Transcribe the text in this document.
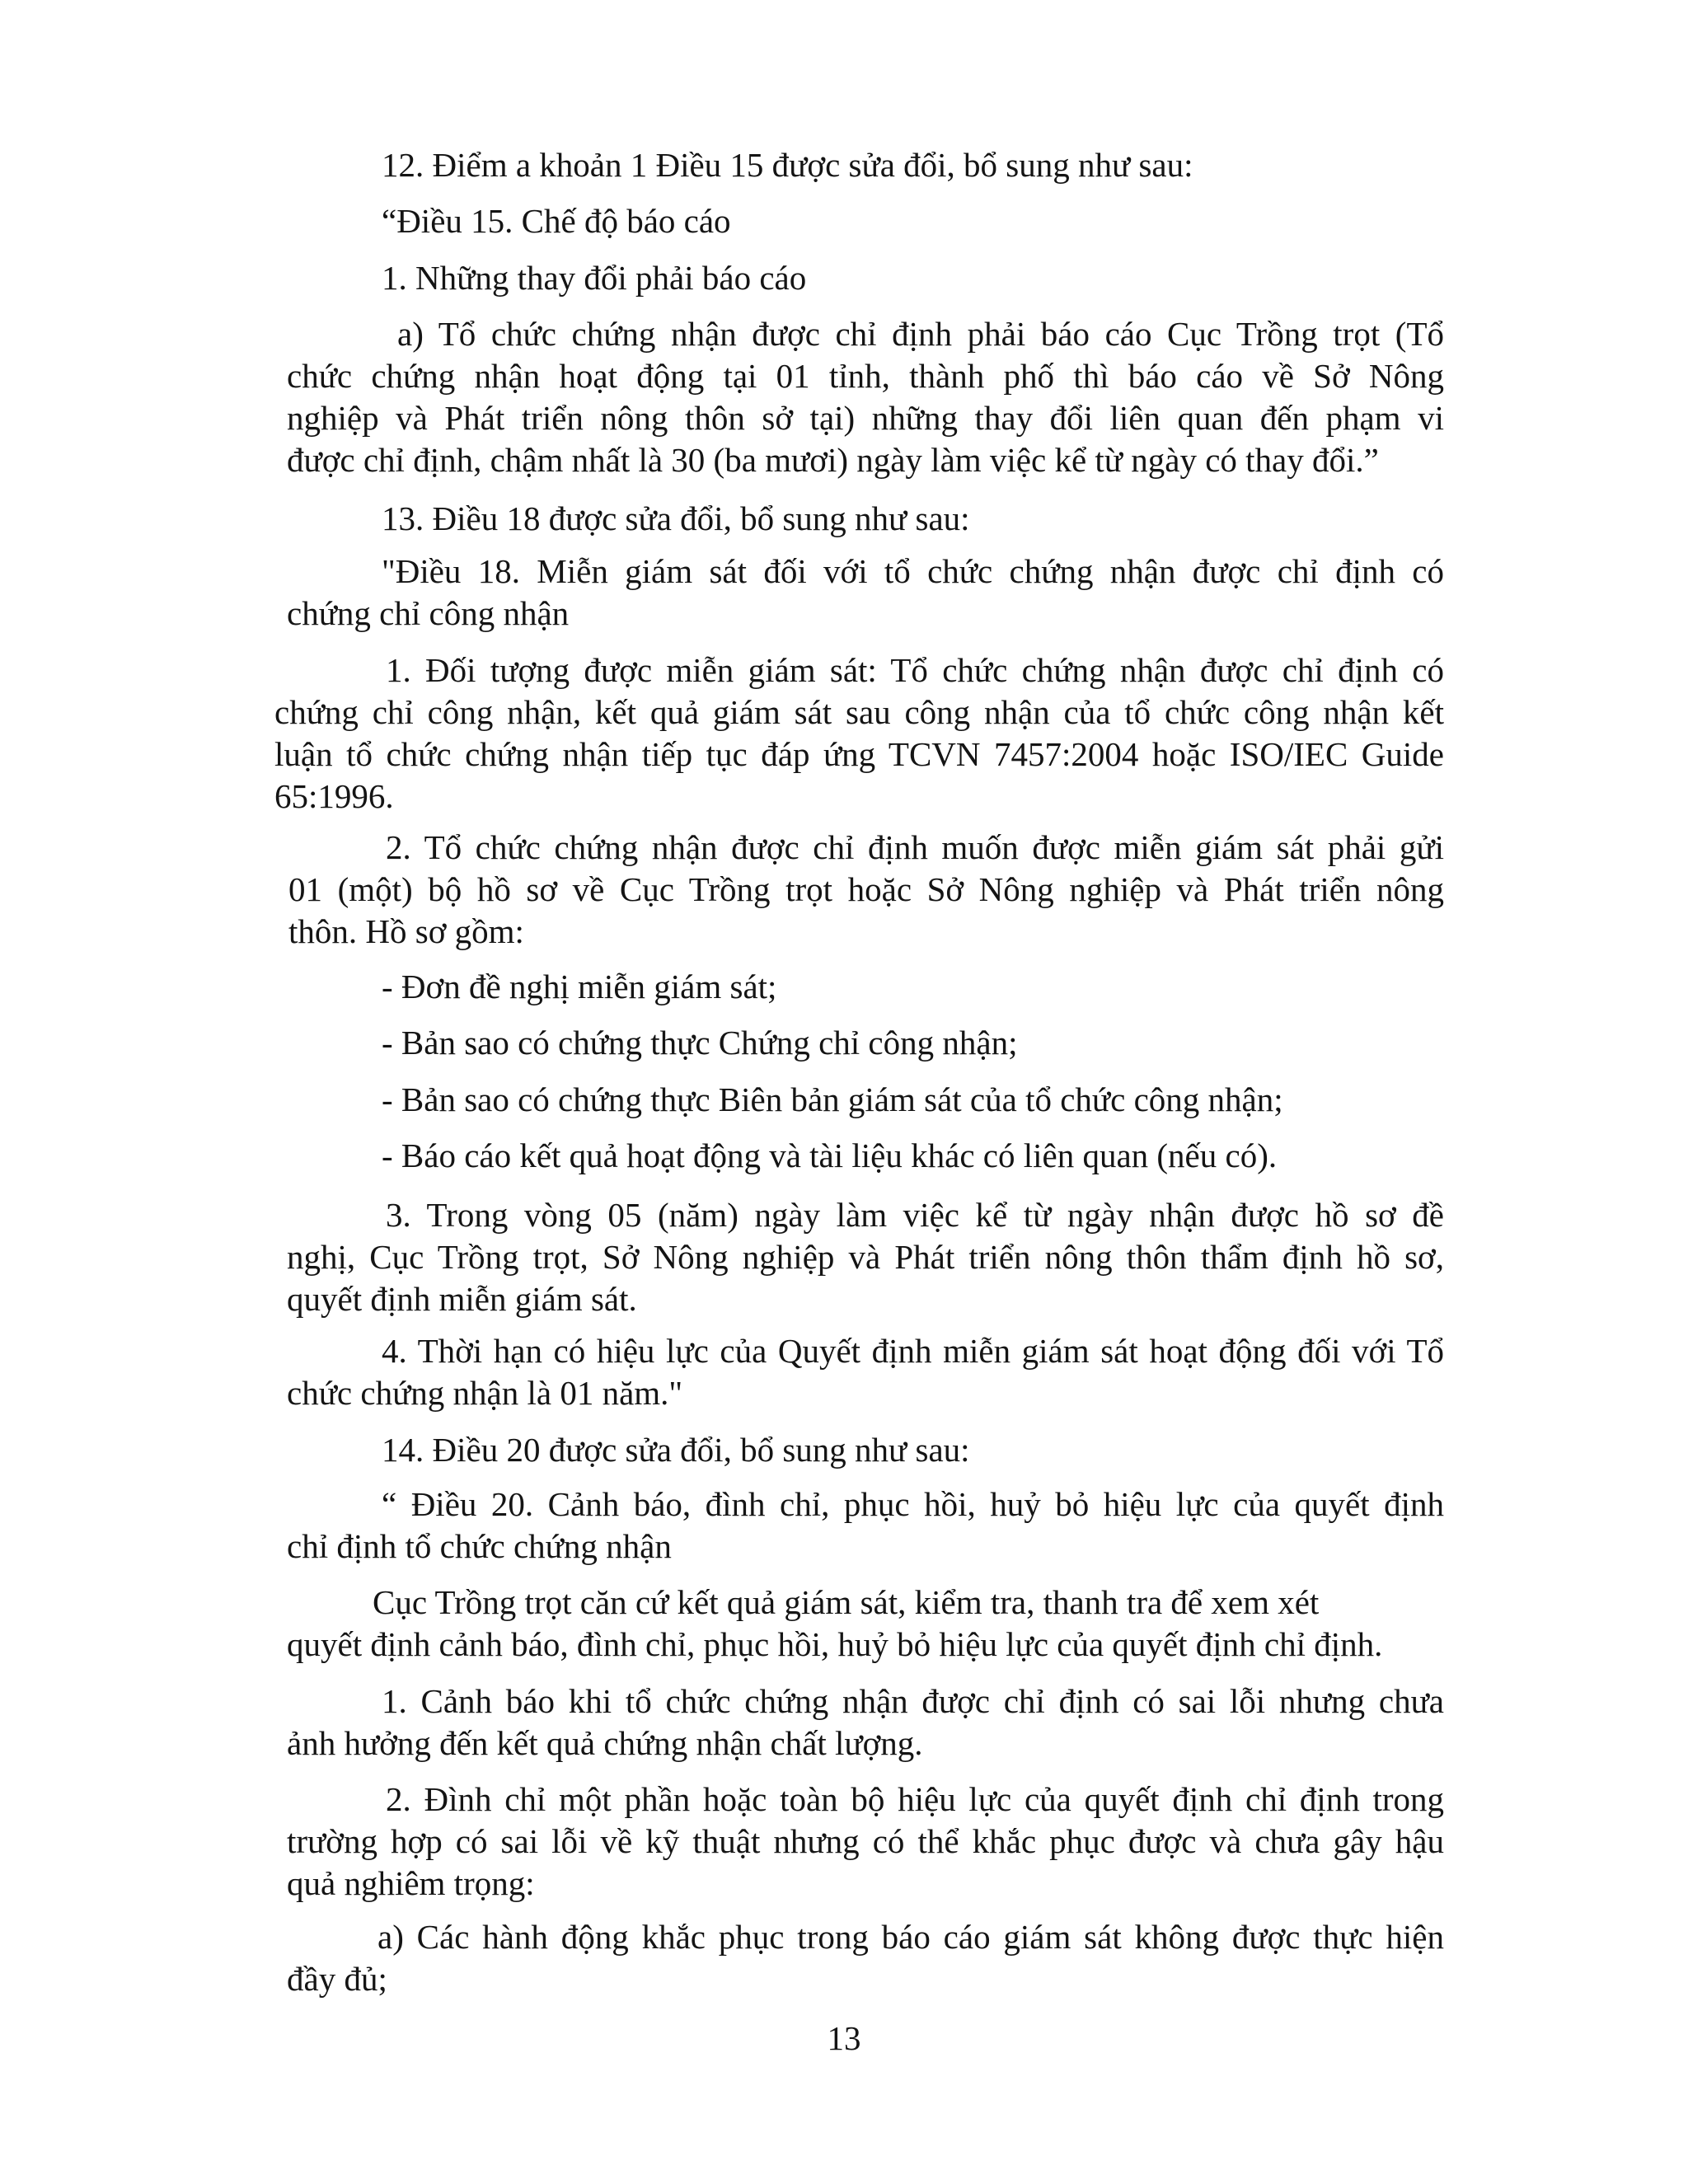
12. Điểm a khoản 1 Điều 15 được sửa đổi, bổ sung như sau:

“Điều 15. Chế độ báo cáo

1. Những thay đổi phải báo cáo

a) Tổ chức chứng nhận được chỉ định phải báo cáo Cục Trồng trọt (Tổ

chức chứng nhận hoạt động tại 01 tỉnh, thành phố thì báo cáo về Sở Nông

nghiệp và Phát triển nông thôn sở tại) những thay đổi liên quan đến phạm vi

được chỉ định, chậm nhất là 30 (ba mươi) ngày làm việc kể từ ngày có thay đổi.”

13. Điều 18 được sửa đổi, bổ sung như sau:

"Điều 18. Miễn giám sát đối với tổ chức chứng nhận được chỉ định có

chứng chỉ công nhận

1. Đối tượng được miễn giám sát: Tổ chức chứng nhận được chỉ định có

chứng chỉ công nhận, kết quả giám sát sau công nhận của tổ chức công nhận kết

luận tổ chức chứng nhận tiếp tục đáp ứng TCVN 7457:2004 hoặc ISO/IEC Guide

65:1996.

2. Tổ chức chứng nhận được chỉ định muốn được miễn giám sát phải gửi

01 (một) bộ hồ sơ về Cục Trồng trọt hoặc Sở Nông nghiệp và Phát triển nông

thôn. Hồ sơ gồm:

- Đơn đề nghị miễn giám sát;

- Bản sao có chứng thực Chứng chỉ công nhận;

- Bản sao có chứng thực Biên bản giám sát của tổ chức công nhận;

- Báo cáo kết quả hoạt động và tài liệu khác có liên quan (nếu có).

3. Trong vòng 05 (năm) ngày làm việc kể từ ngày nhận được hồ sơ đề

nghị, Cục Trồng trọt, Sở Nông nghiệp và Phát triển nông thôn thẩm định hồ sơ,

quyết định miễn giám sát.

4. Thời hạn có hiệu lực của Quyết định miễn giám sát hoạt động đối với Tổ

chức chứng nhận là 01 năm."

14. Điều 20 được sửa đổi, bổ sung như sau:

“ Điều 20. Cảnh báo, đình chỉ, phục hồi, huỷ bỏ hiệu lực của quyết định

chỉ định tổ chức chứng nhận

Cục Trồng trọt căn cứ kết quả giám sát, kiểm tra, thanh tra để xem xét

quyết định cảnh báo, đình chỉ, phục hồi, huỷ bỏ hiệu lực của quyết định chỉ định.

1. Cảnh báo khi tổ chức chứng nhận được chỉ định có sai lỗi nhưng chưa

ảnh hưởng đến kết quả chứng nhận chất lượng.

2. Đình chỉ một phần hoặc toàn bộ hiệu lực của quyết định chỉ định trong

trường hợp có sai lỗi về kỹ thuật nhưng có thể khắc phục được và chưa gây hậu

quả nghiêm trọng:

a) Các hành động khắc phục trong báo cáo giám sát không được thực hiện

đầy đủ;

13
